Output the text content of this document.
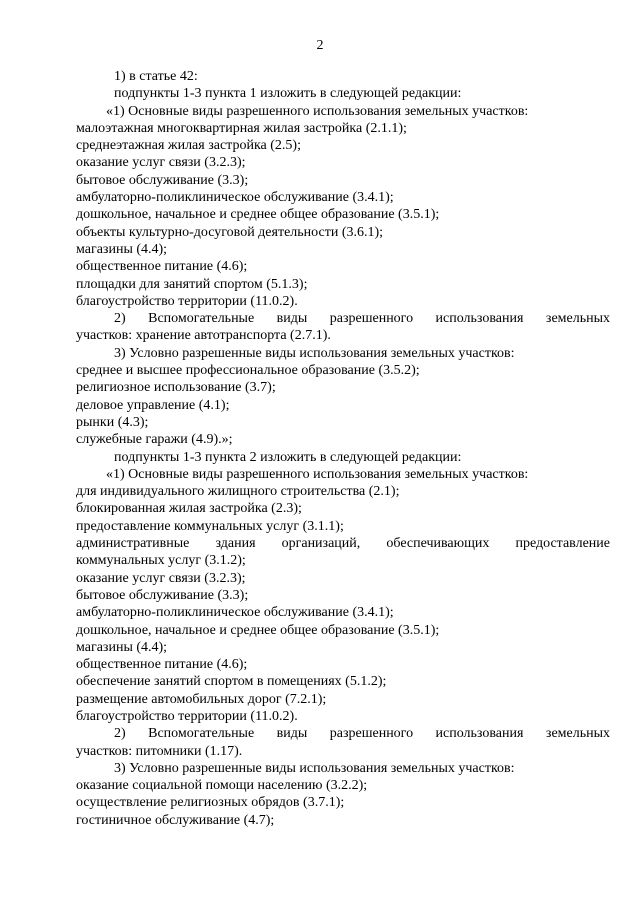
2
1) в статье 42:
подпункты 1-3 пункта 1 изложить в следующей редакции:
«1) Основные виды разрешенного использования земельных участков:
малоэтажная многоквартирная жилая застройка (2.1.1);
среднеэтажная жилая застройка (2.5);
оказание услуг связи (3.2.3);
бытовое обслуживание (3.3);
амбулаторно-поликлиническое обслуживание (3.4.1);
дошкольное, начальное и среднее общее образование (3.5.1);
объекты культурно-досуговой деятельности (3.6.1);
магазины (4.4);
общественное питание (4.6);
площадки для занятий спортом (5.1.3);
благоустройство территории (11.0.2).
2) Вспомогательные виды разрешенного использования земельных
участков: хранение автотранспорта (2.7.1).
3) Условно разрешенные виды использования земельных участков:
среднее и высшее профессиональное образование (3.5.2);
религиозное использование (3.7);
деловое управление (4.1);
рынки (4.3);
служебные гаражи (4.9).»;
подпункты 1-3 пункта 2 изложить в следующей редакции:
«1) Основные виды разрешенного использования земельных участков:
для индивидуального жилищного строительства (2.1);
блокированная жилая застройка (2.3);
предоставление коммунальных услуг (3.1.1);
административные здания организаций, обеспечивающих предоставление
коммунальных услуг (3.1.2);
оказание услуг связи (3.2.3);
бытовое обслуживание (3.3);
амбулаторно-поликлиническое обслуживание (3.4.1);
дошкольное, начальное и среднее общее образование (3.5.1);
магазины (4.4);
общественное питание (4.6);
обеспечение занятий спортом в помещениях (5.1.2);
размещение автомобильных дорог (7.2.1);
благоустройство территории (11.0.2).
2) Вспомогательные виды разрешенного использования земельных
участков: питомники (1.17).
3) Условно разрешенные виды использования земельных участков:
оказание социальной помощи населению (3.2.2);
осуществление религиозных обрядов (3.7.1);
гостиничное обслуживание (4.7);
